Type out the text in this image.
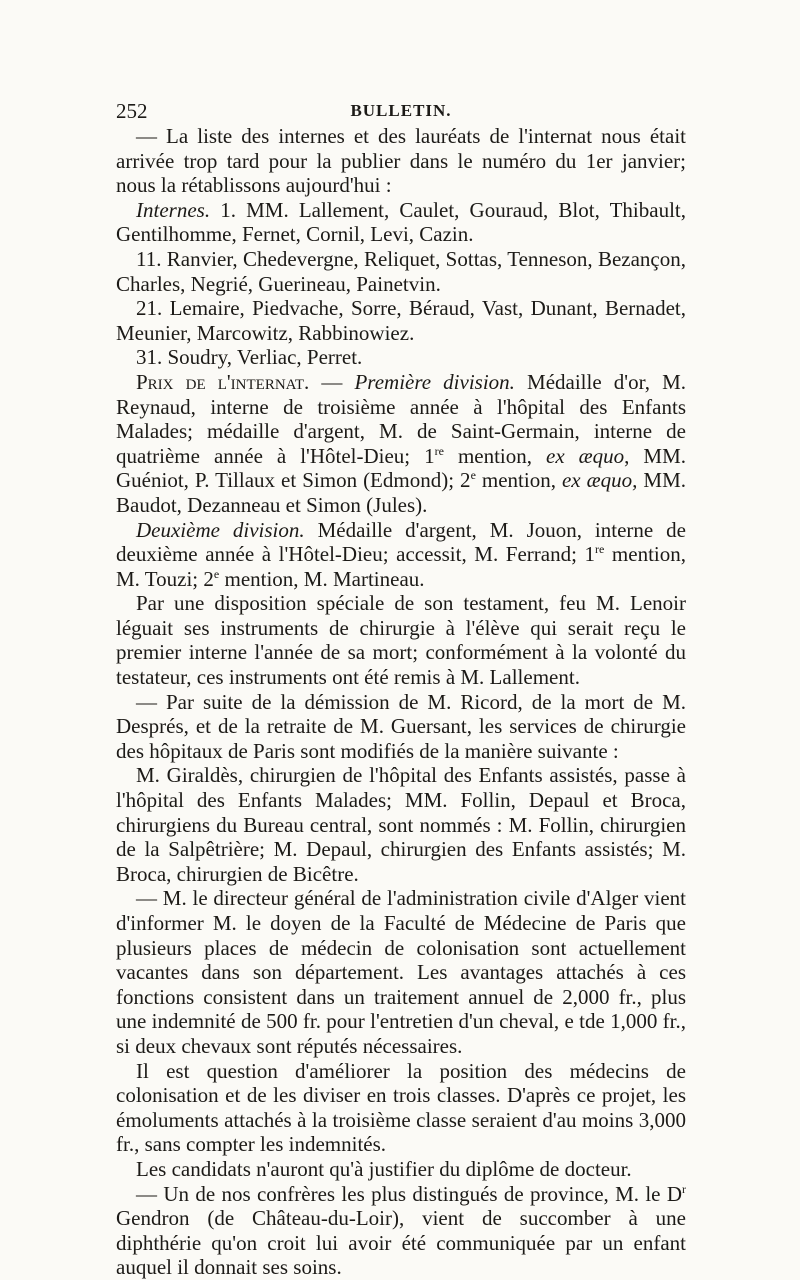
252	BULLETIN.

— La liste des internes et des lauréats de l'internat nous était arrivée trop tard pour la publier dans le numéro du 1er janvier; nous la rétablissons aujourd'hui :

Internes. 1. MM. Lallement, Caulet, Gouraud, Blot, Thibault, Gentilhomme, Fernet, Cornil, Levi, Cazin.

11. Ranvier, Chedevergne, Reliquet, Sottas, Tenneson, Bezançon, Charles, Negrié, Guerineau, Painetvin.

21. Lemaire, Piedvache, Sorre, Béraud, Vast, Dunant, Bernadet, Meunier, Marcowitz, Rabbinowiez.

31. Soudry, Verliac, Perret.

Prix de l'internat. — Première division. Médaille d'or, M. Reynaud, interne de troisième année à l'hôpital des Enfants Malades; médaille d'argent, M. de Saint-Germain, interne de quatrième année à l'Hôtel-Dieu; 1re mention, ex æquo, MM. Guéniot, P. Tillaux et Simon (Edmond); 2e mention, ex æquo, MM. Baudot, Dezanneau et Simon (Jules).

Deuxième division. Médaille d'argent, M. Jouon, interne de deuxième année à l'Hôtel-Dieu; accessit, M. Ferrand; 1re mention, M. Touzi; 2e mention, M. Martineau.

Par une disposition spéciale de son testament, feu M. Lenoir léguait ses instruments de chirurgie à l'élève qui serait reçu le premier interne l'année de sa mort; conformément à la volonté du testateur, ces instruments ont été remis à M. Lallement.

— Par suite de la démission de M. Ricord, de la mort de M. Després, et de la retraite de M. Guersant, les services de chirurgie des hôpitaux de Paris sont modifiés de la manière suivante :

M. Giraldès, chirurgien de l'hôpital des Enfants assistés, passe à l'hôpital des Enfants Malades; MM. Follin, Depaul et Broca, chirurgiens du Bureau central, sont nommés : M. Follin, chirurgien de la Salpêtrière; M. Depaul, chirurgien des Enfants assistés; M. Broca, chirurgien de Bicêtre.

— M. le directeur général de l'administration civile d'Alger vient d'informer M. le doyen de la Faculté de Médecine de Paris que plusieurs places de médecin de colonisation sont actuellement vacantes dans son département. Les avantages attachés à ces fonctions consistent dans un traitement annuel de 2,000 fr., plus une indemnité de 500 fr. pour l'entretien d'un cheval, e tde 1,000 fr., si deux chevaux sont réputés nécessaires.

Il est question d'améliorer la position des médecins de colonisation et de les diviser en trois classes. D'après ce projet, les émoluments attachés à la troisième classe seraient d'au moins 3,000 fr., sans compter les indemnités.

Les candidats n'auront qu'à justifier du diplôme de docteur.

— Un de nos confrères les plus distingués de province, M. le $D^r$ Gendron (de Château-du-Loir), vient de succomber à une diphthérie qu'on croit lui avoir été communiquée par un enfant auquel il donnait ses soins.
